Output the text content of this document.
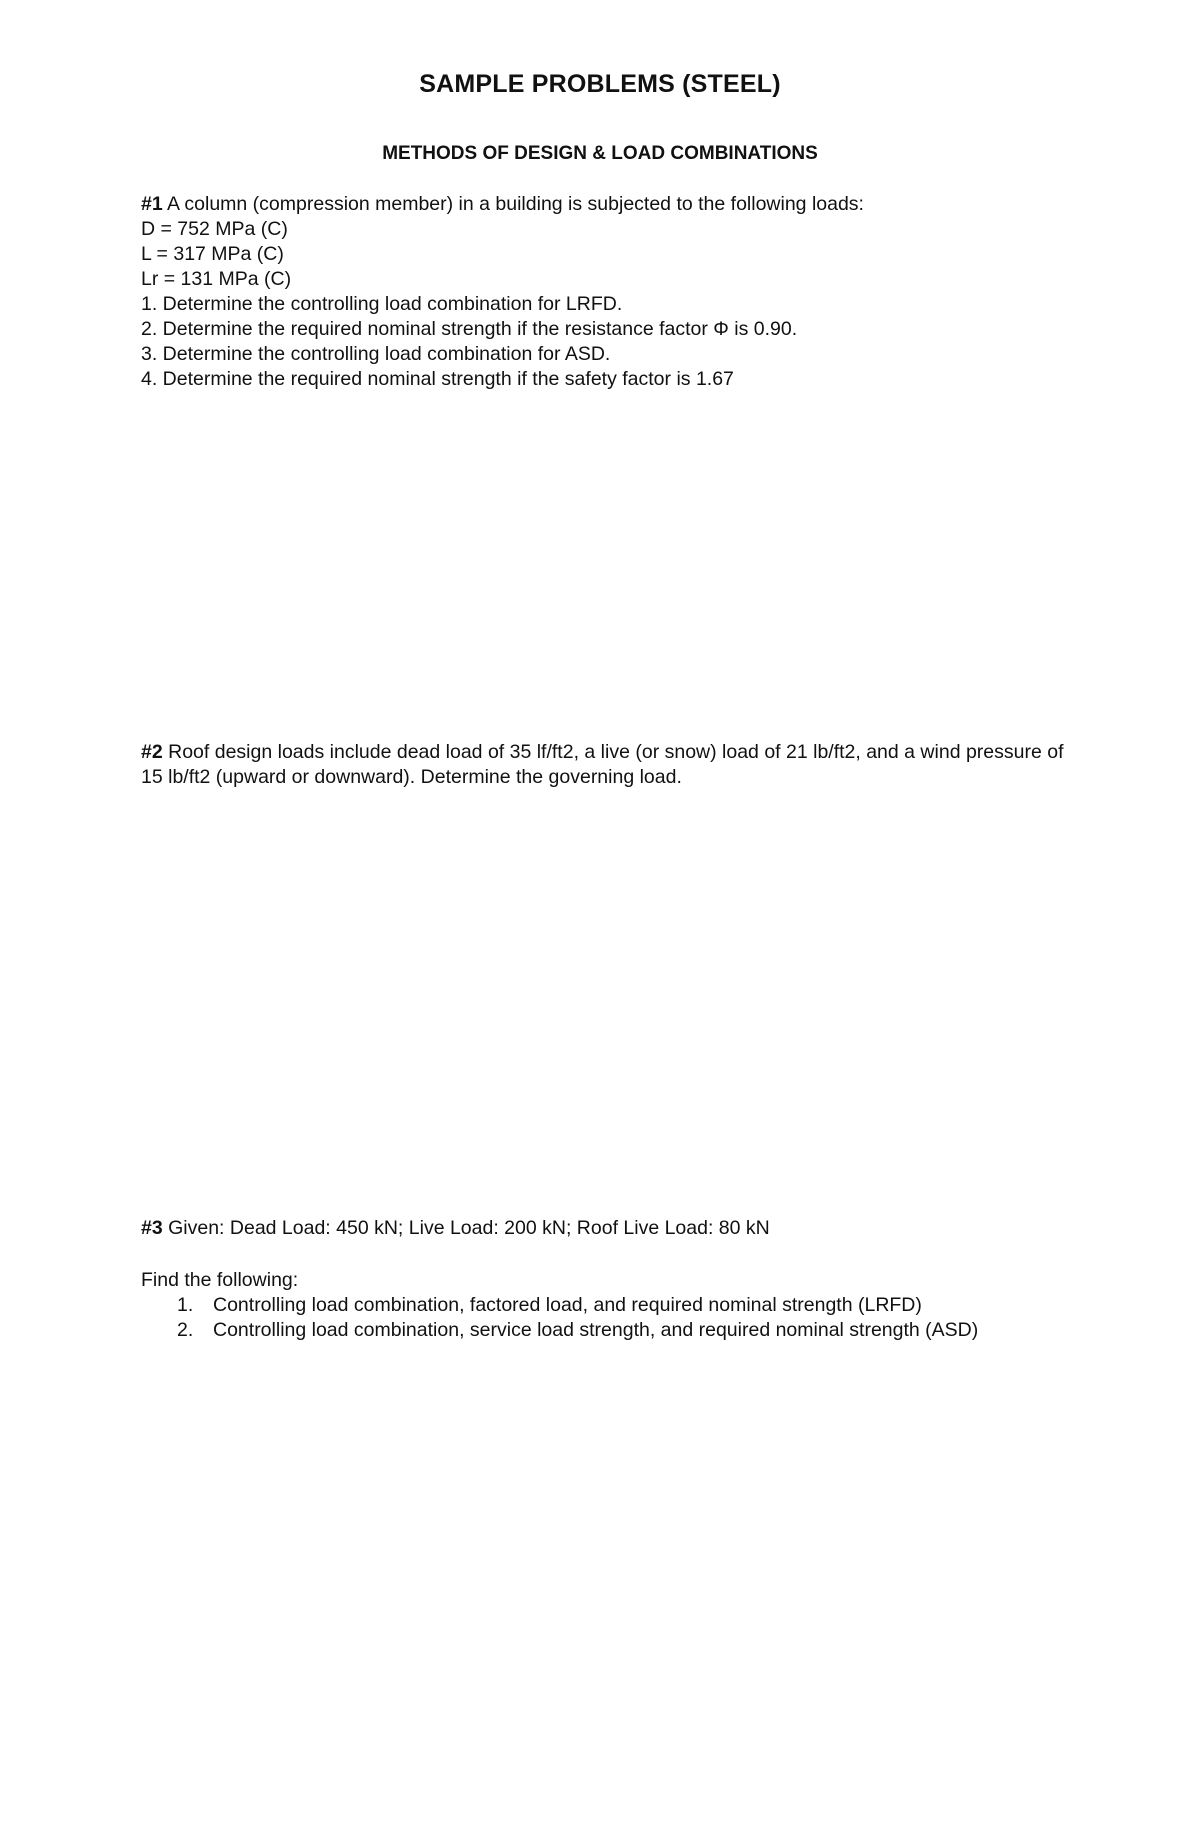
SAMPLE PROBLEMS (STEEL)
METHODS OF DESIGN & LOAD COMBINATIONS
#1 A column (compression member) in a building is subjected to the following loads:
D = 752 MPa (C)
L = 317 MPa (C)
Lr = 131 MPa (C)
1. Determine the controlling load combination for LRFD.
2. Determine the required nominal strength if the resistance factor Φ is 0.90.
3. Determine the controlling load combination for ASD.
4. Determine the required nominal strength if the safety factor is 1.67
#2 Roof design loads include dead load of 35 lf/ft2, a live (or snow) load of 21 lb/ft2, and a wind pressure of 15 lb/ft2 (upward or downward). Determine the governing load.
#3 Given: Dead Load: 450 kN; Live Load: 200 kN; Roof Live Load: 80 kN
Find the following:
1. Controlling load combination, factored load, and required nominal strength (LRFD)
2. Controlling load combination, service load strength, and required nominal strength (ASD)
